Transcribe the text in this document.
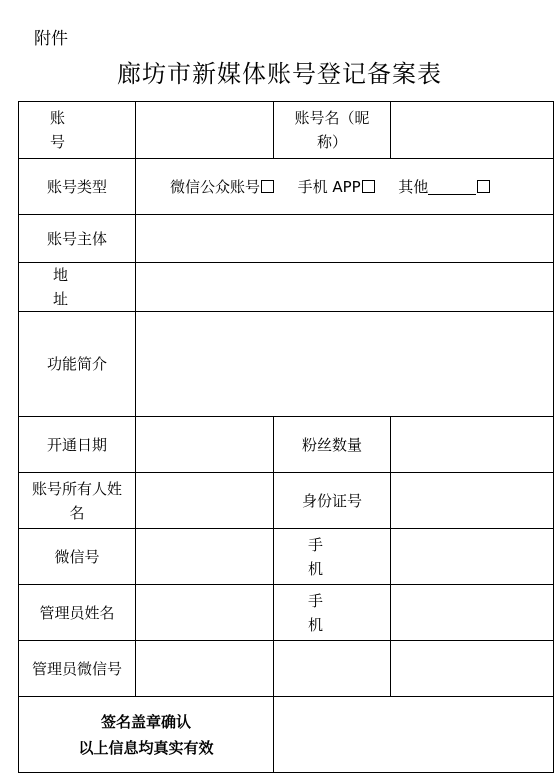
附件
廊坊市新媒体账号登记备案表
账 号		账号名（昵称）	

账号类型	微信公众账号 手机 APP 其他		
账号主体			
地 址			
功能简介			
开通日期		粉丝数量	

账号所有人姓 名		身份证号	
微信号		手 机	
管理员姓名		手 机	

管理员微信号			

签名盖章确认
以上信息均真实有效			
